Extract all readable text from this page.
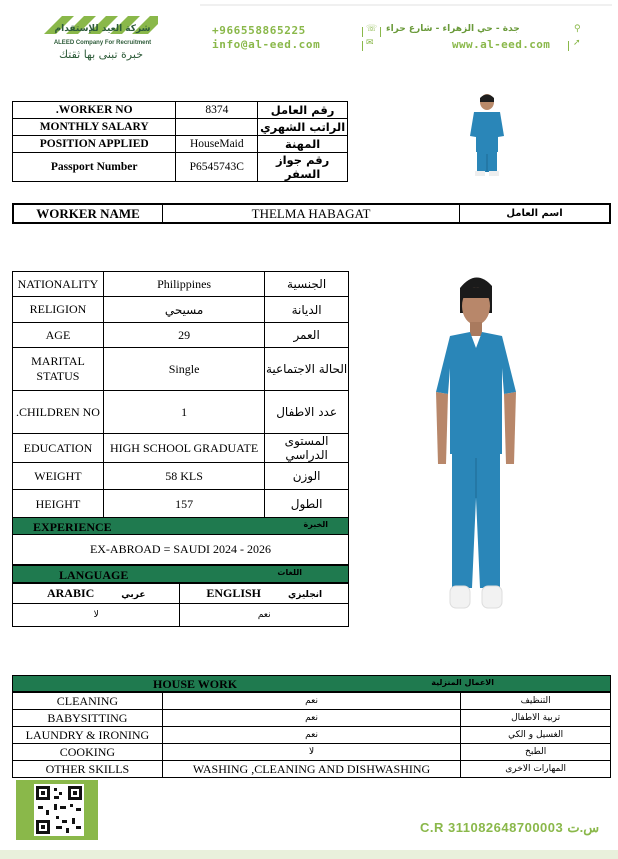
شركة العيد للإستقدام
ALEED Company For Recruitment
خبرة تبنى بها ثقتك
+966558865225	☏ جدة - حي الزهراء - شارع حراء	⚲
info@al-eed.com	✉	www.al-eed.com	➚
.WORKER NO	8374	رقم العامل
MONTHLY SALARY		الراتب الشهري
POSITION APPLIED	HouseMaid	المهنة
Passport Number	P6545743C	رقم جواز السفر
WORKER NAME	THELMA HABAGAT	اسم العامل
NATIONALITY	Philippines	الجنسية
RELIGION	مسيحي	الديانة
AGE	29	العمر
MARITAL STATUS	Single	الحالة الاجتماعية
.CHILDREN NO	1	عدد الاطفال
EDUCATION	HIGH SCHOOL GRADUATE	المستوى الدراسي
WEIGHT	58 KLS	الوزن
HEIGHT	157	الطول
EXPERIENCE	الخبرة
EX-ABROAD = SAUDI 2024 - 2026
LANGUAGE	اللغات
ARABIC عربي	ENGLISH انجليزي
لا	نعم
HOUSE WORK	الاعمال المنزلية
CLEANING	نعم	التنظيف
BABYSITTING	نعم	تربية الاطفال
LAUNDRY & IRONING	نعم	الغسيل و الكي
COOKING	لا	الطبخ
OTHER SKILLS	WASHING ,CLEANING AND DISHWASHING	المهارات الاخرى
C.R 311082648700003 س.ت
